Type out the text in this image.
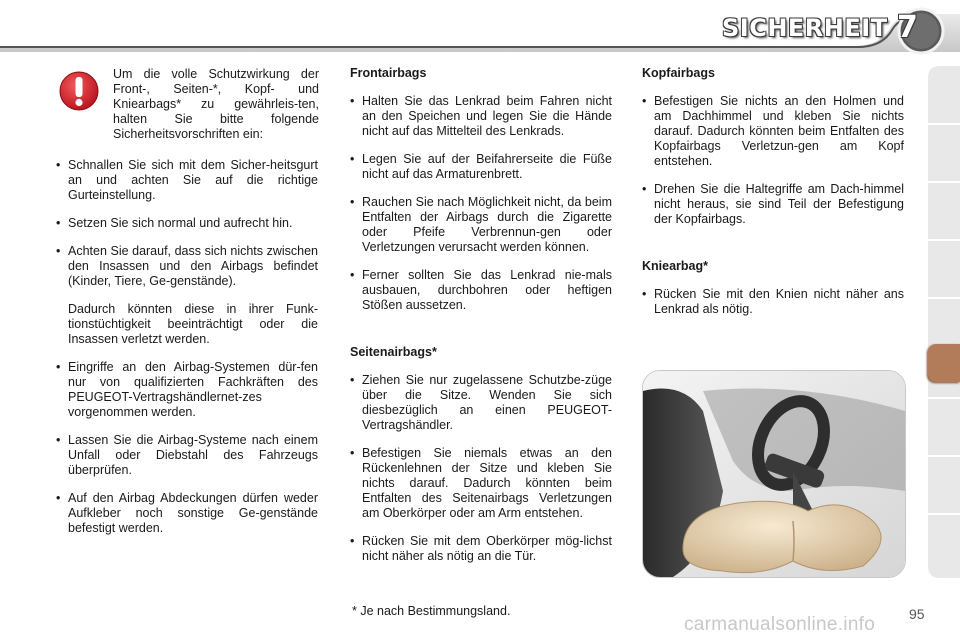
SICHERHEIT 7
Um die volle Schutzwirkung der Front-, Seiten-*, Kopf- und Kniearbags* zu gewährleis-ten, halten Sie bitte folgende Sicherheitsvorschriften ein:

• Schnallen Sie sich mit dem Sicher-heitsgurt an und achten Sie auf die richtige Gurteinstellung.

• Setzen Sie sich normal und aufrecht hin.

• Achten Sie darauf, dass sich nichts zwischen den Insassen und den Airbags befindet (Kinder, Tiere, Ge-genstände).

Dadurch könnten diese in ihrer Funk-tionstüchtigkeit beeinträchtigt oder die Insassen verletzt werden.

• Eingriffe an den Airbag-Systemen dür-fen nur von qualifizierten Fachkräften des PEUGEOT-Vertragshändlernet-zes vorgenommen werden.

• Lassen Sie die Airbag-Systeme nach einem Unfall oder Diebstahl des Fahrzeugs überprüfen.

• Auf den Airbag Abdeckungen dürfen weder Aufkleber noch sonstige Ge-genstände befestigt werden.

Frontairbags

• Halten Sie das Lenkrad beim Fahren nicht an den Speichen und legen Sie die Hände nicht auf das Mittelteil des Lenkrads.

• Legen Sie auf der Beifahrerseite die Füße nicht auf das Armaturenbrett.

• Rauchen Sie nach Möglichkeit nicht, da beim Entfalten der Airbags durch die Zigarette oder Pfeife Verbrennun-gen oder Verletzungen verursacht werden können.

• Ferner sollten Sie das Lenkrad nie-mals ausbauen, durchbohren oder heftigen Stößen aussetzen.

Seitenairbags*

• Ziehen Sie nur zugelassene Schutzbe-züge über die Sitze. Wenden Sie sich diesbezüglich an einen PEUGEOT-Vertragshändler.

• Befestigen Sie niemals etwas an den Rückenlehnen der Sitze und kleben Sie nichts darauf. Dadurch könnten beim Entfalten des Seitenairbags Verletzungen am Oberkörper oder am Arm entstehen.

• Rücken Sie mit dem Oberkörper mög-lichst nicht näher als nötig an die Tür.

Kopfairbags

• Befestigen Sie nichts an den Holmen und am Dachhimmel und kleben Sie nichts darauf. Dadurch könnten beim Entfalten des Kopfairbags Verletzun-gen am Kopf entstehen.

• Drehen Sie die Haltegriffe am Dach-himmel nicht heraus, sie sind Teil der Befestigung der Kopfairbags.

Kniearbag*

• Rücken Sie mit den Knien nicht näher ans Lenkrad als nötig.

* Je nach Bestimmungsland.
carmanualsonline.info 95
